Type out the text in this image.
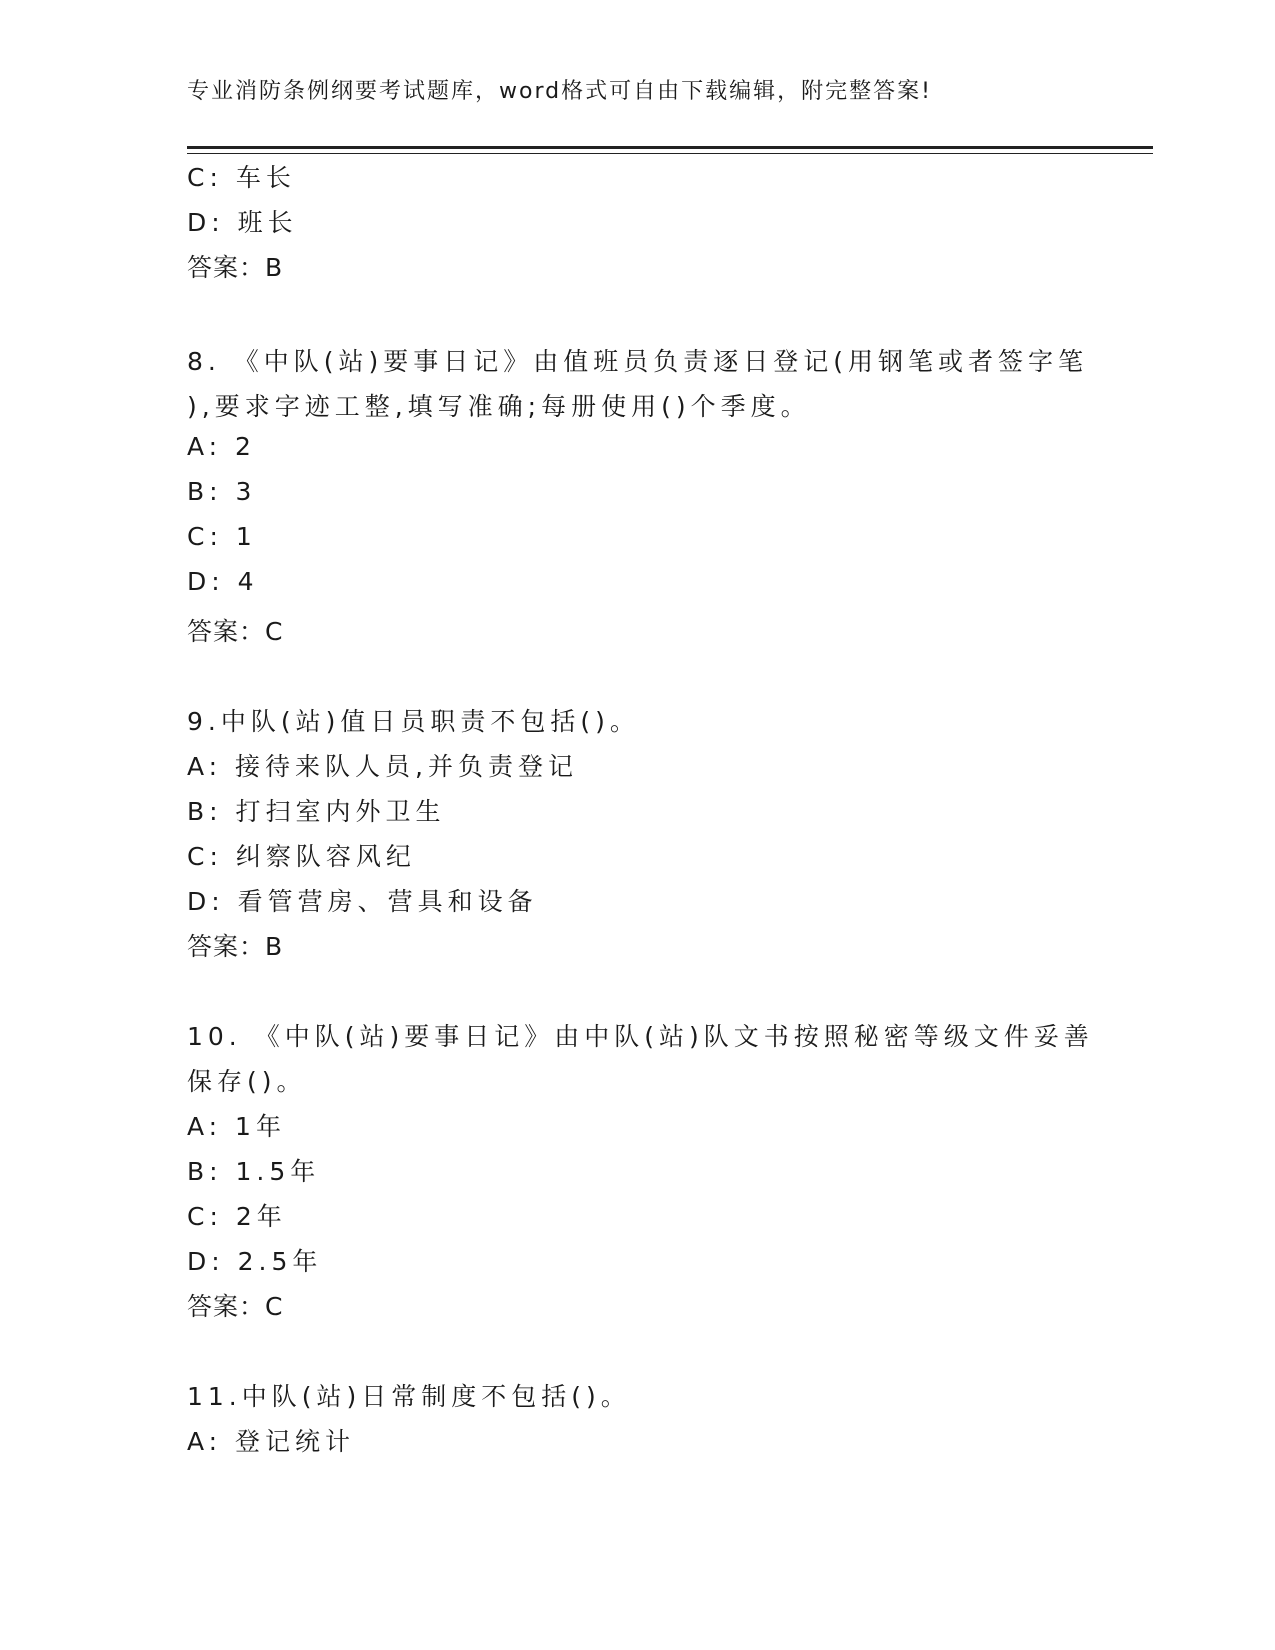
专业消防条例纲要考试题库，word格式可自由下载编辑，附完整答案!
C: 车长
D: 班长
答案：B
8. 《中队(站)要事日记》由值班员负责逐日登记(用钢笔或者签字笔
),要求字迹工整,填写准确;每册使用()个季度。
A: 2
B: 3
C: 1
D: 4
答案：C
9.中队(站)值日员职责不包括()。
A: 接待来队人员,并负责登记
B: 打扫室内外卫生
C: 纠察队容风纪
D: 看管营房、营具和设备
答案：B
10. 《中队(站)要事日记》由中队(站)队文书按照秘密等级文件妥善
保存()。
A: 1年
B: 1.5年
C: 2年
D: 2.5年
答案：C
11.中队(站)日常制度不包括()。
A: 登记统计
